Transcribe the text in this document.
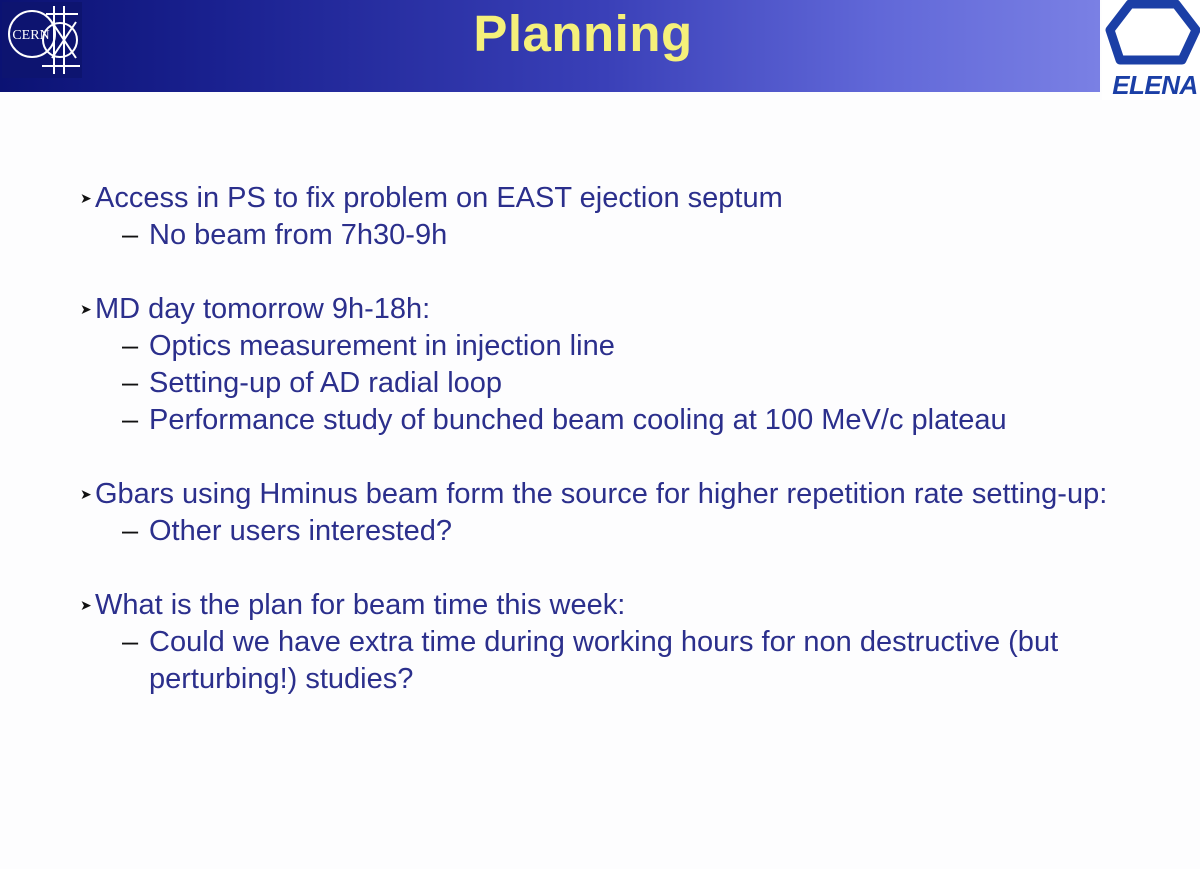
CERN	Planning
ELENA
➤ Access in PS to fix problem on EAST ejection septum
– No beam from 7h30-9h
➤ MD day tomorrow 9h-18h:
– Optics measurement in injection line
– Setting-up of AD radial loop
– Performance study of bunched beam cooling at 100 MeV/c plateau
➤ Gbars using Hminus beam form the source for higher repetition rate setting-up:
– Other users interested?
➤ What is the plan for beam time this week:
– Could we have extra time during working hours for non destructive (but perturbing!) studies?
